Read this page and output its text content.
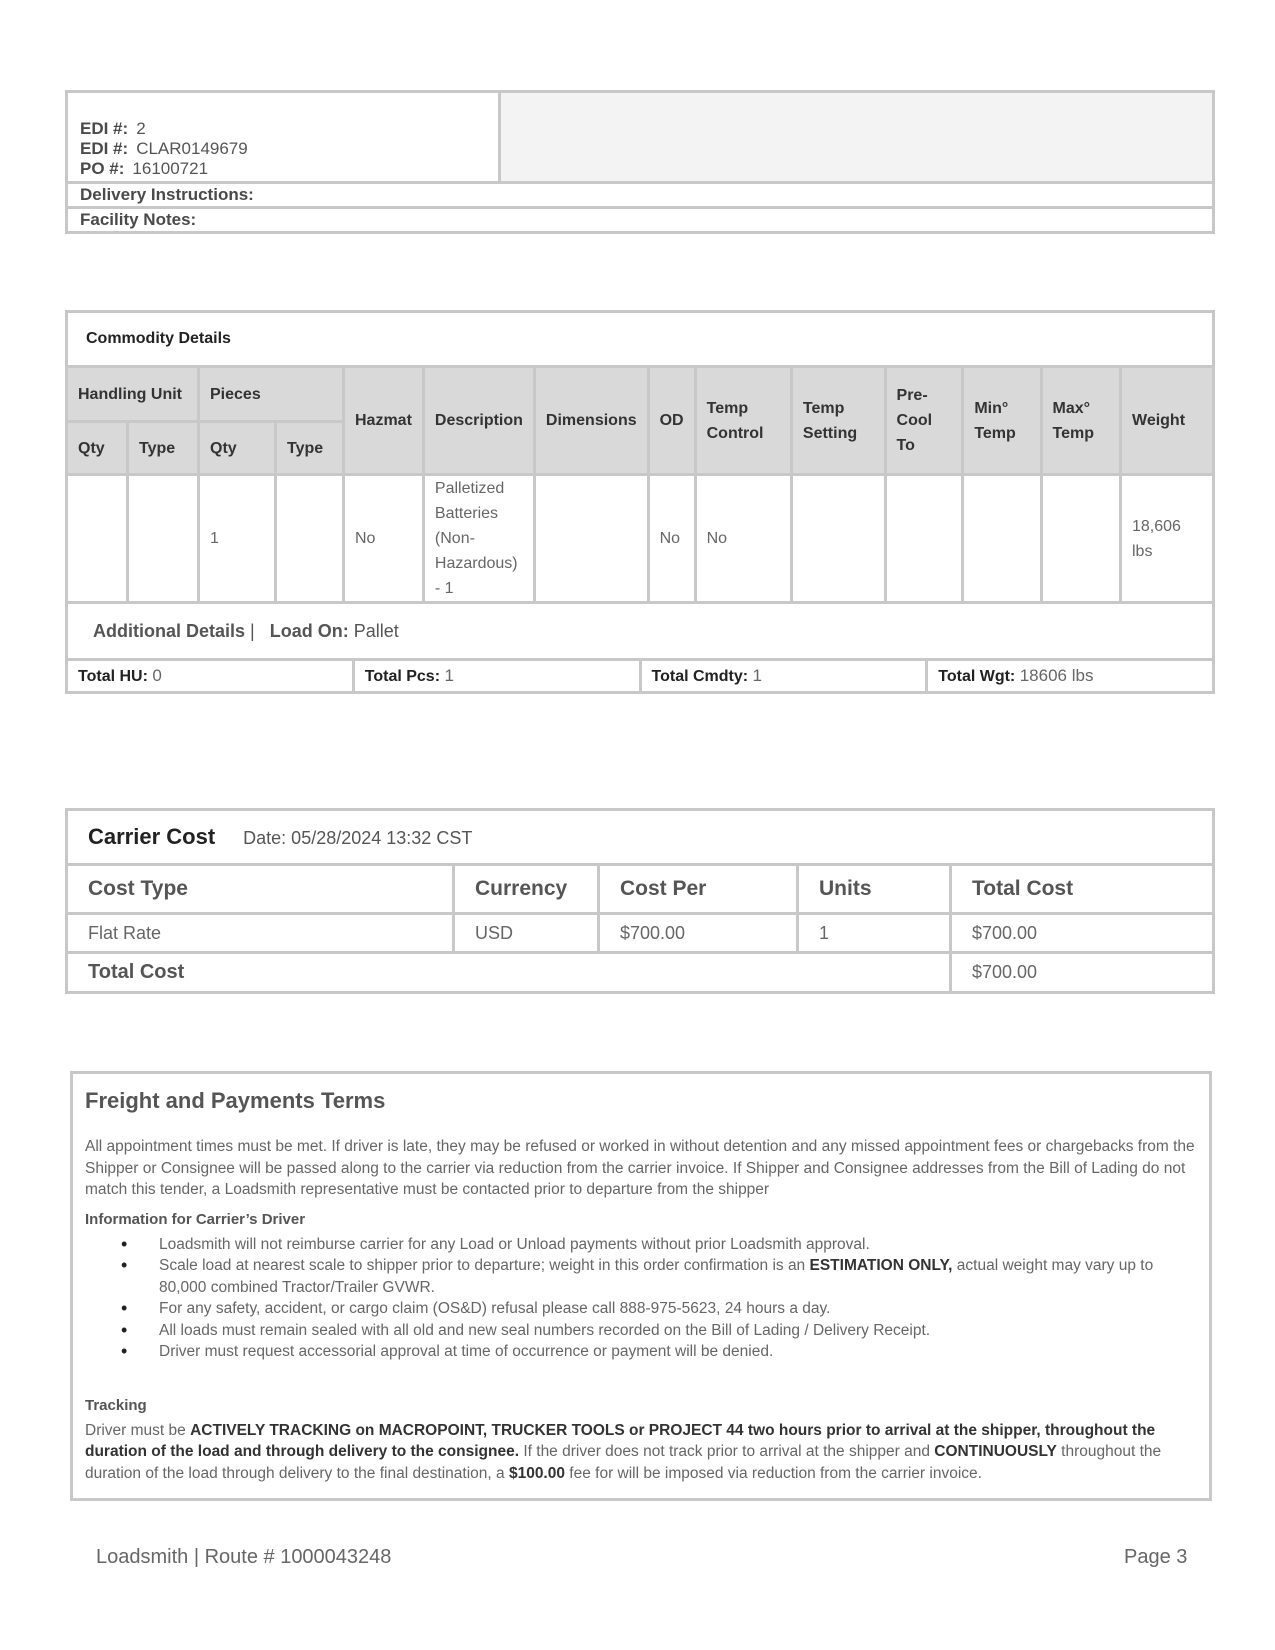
EDI #: 2
EDI #: CLAR0149679
PO #: 16100721

Delivery Instructions:
Facility Notes:
Commodity Details													
Handling Unit		Pieces		Hazmat	Description	Dimensions	OD	Temp Control	Temp Setting	Pre-Cool To	Min° Temp	Max° Temp	Weight
Qty	Type	Qty	Type										
		1		No	Palletized Batteries (Non-Hazardous) - 1		No	No					18,606 lbs
Additional Details |   Load On: Pallet													
Total HU: 0	Total Pcs: 1	Total Cmdty: 1	Total Wgt: 18606 lbs
Carrier Cost Date: 05/28/2024 13:32 CST				
Cost Type	Currency	Cost Per	Units	Total Cost
Flat Rate	USD	$700.00	1	$700.00
Total Cost				$700.00
Freight and Payments Terms

All appointment times must be met. If driver is late, they may be refused or worked in without detention and any missed appointment fees or chargebacks from the Shipper or Consignee will be passed along to the carrier via reduction from the carrier invoice. If Shipper and Consignee addresses from the Bill of Lading do not match this tender, a Loadsmith representative must be contacted prior to departure from the shipper

Information for Carrier’s Driver
• Loadsmith will not reimburse carrier for any Load or Unload payments without prior Loadsmith approval.
• Scale load at nearest scale to shipper prior to departure; weight in this order confirmation is an ESTIMATION ONLY, actual weight may vary up to 80,000 combined Tractor/Trailer GVWR.
• For any safety, accident, or cargo claim (OS&D) refusal please call 888-975-5623, 24 hours a day.
• All loads must remain sealed with all old and new seal numbers recorded on the Bill of Lading / Delivery Receipt.
• Driver must request accessorial approval at time of occurrence or payment will be denied.
Tracking

Driver must be ACTIVELY TRACKING on MACROPOINT, TRUCKER TOOLS or PROJECT 44 two hours prior to arrival at the shipper, throughout the duration of the load and through delivery to the consignee. If the driver does not track prior to arrival at the shipper and CONTINUOUSLY throughout the duration of the load through delivery to the final destination, a $100.00 fee for will be imposed via reduction from the carrier invoice.

Loadsmith | Route # 1000043248	Page 3
